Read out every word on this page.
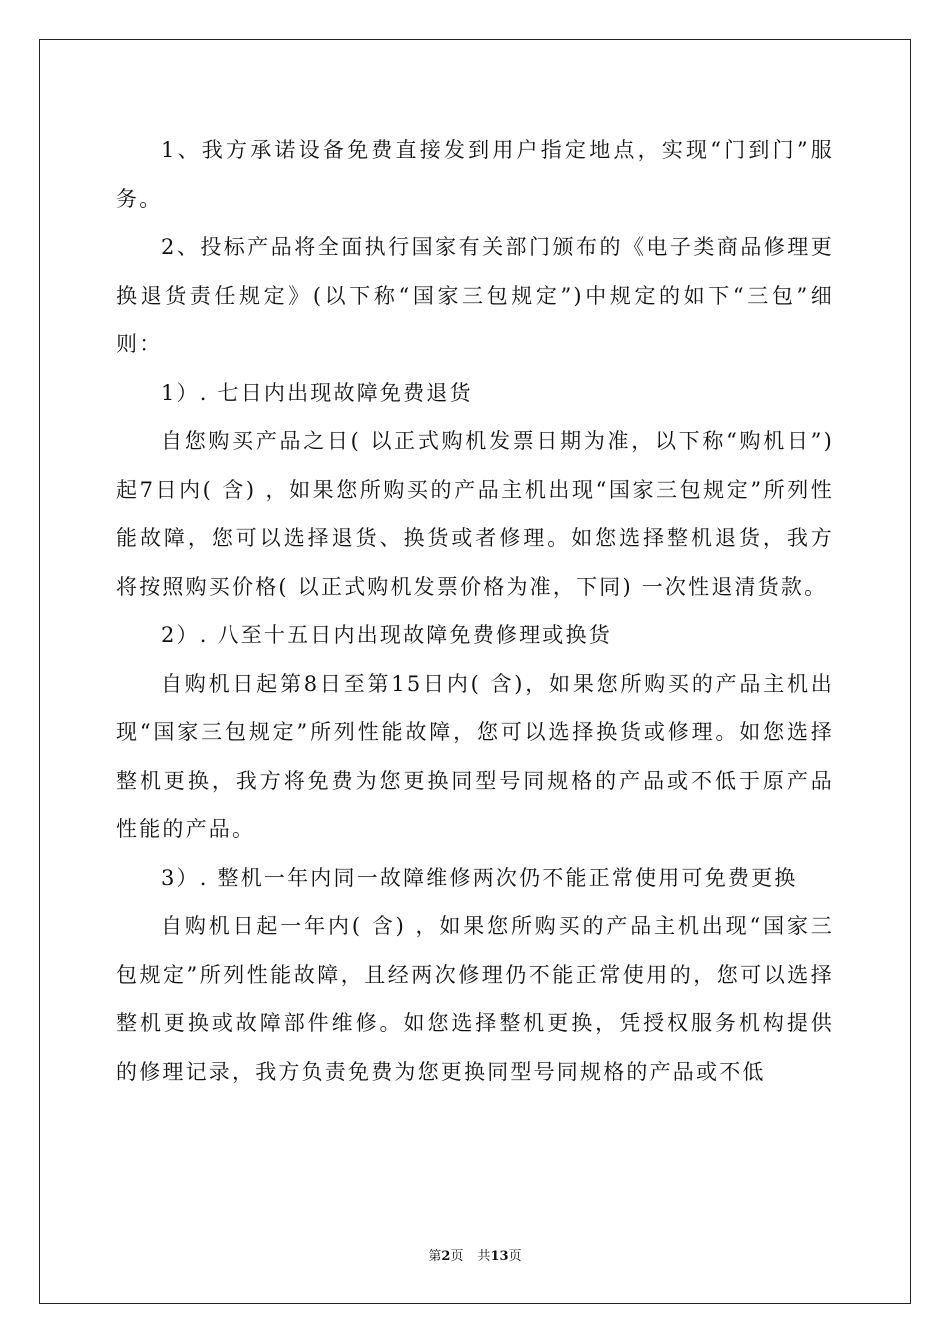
1、我方承诺设备免费直接发到用户指定地点，实现“门到门”服务。

2、投标产品将全面执行国家有关部门颁布的《电子类商品修理更换退货责任规定》(以下称“国家三包规定”)中规定的如下“三包”细则：

1）. 七日内出现故障免费退货

自您购买产品之日( 以正式购机发票日期为准，以下称“购机日”) 起7日内( 含) ，如果您所购买的产品主机出现“国家三包规定”所列性能故障，您可以选择退货、换货或者修理。如您选择整机退货，我方将按照购买价格( 以正式购机发票价格为准，下同) 一次性退清货款。

2）. 八至十五日内出现故障免费修理或换货

自购机日起第8日至第15日内( 含)，如果您所购买的产品主机出现“国家三包规定”所列性能故障，您可以选择换货或修理。如您选择整机更换，我方将免费为您更换同型号同规格的产品或不低于原产品性能的产品。

3）. 整机一年内同一故障维修两次仍不能正常使用可免费更换

自购机日起一年内( 含) ，如果您所购买的产品主机出现“国家三包规定”所列性能故障，且经两次修理仍不能正常使用的，您可以选择整机更换或故障部件维修。如您选择整机更换，凭授权服务机构提供的修理记录，我方负责免费为您更换同型号同规格的产品或不低

第2页 共13页
